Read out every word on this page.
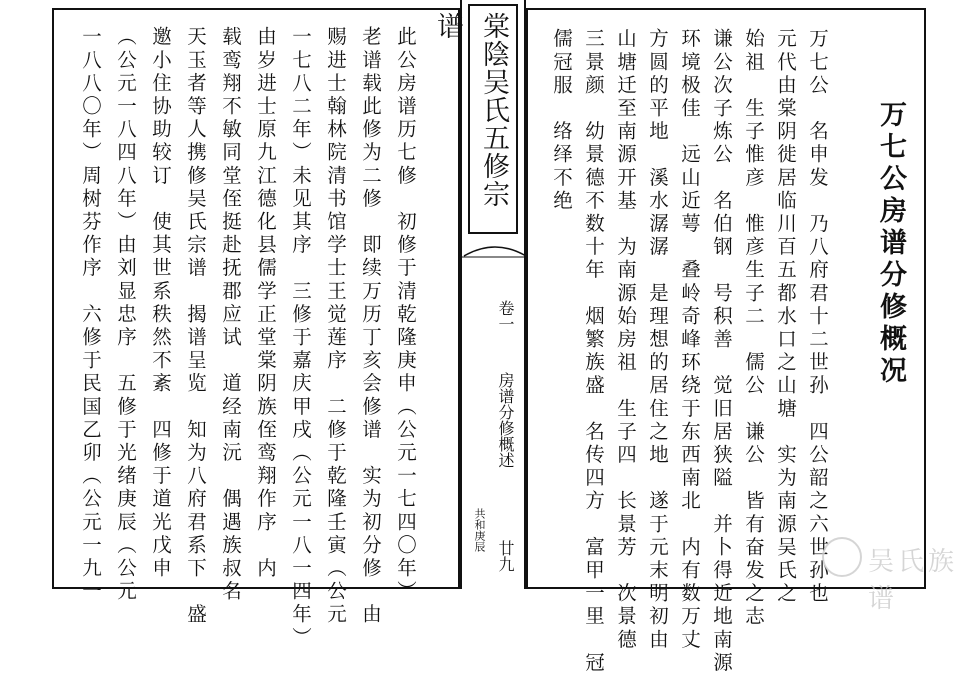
此公房谱历七修　初修于清乾隆庚申（公元一七四〇年）
老谱载此修为二修　即续万历丁亥会修谱　实为初分修　由
赐进士翰林院清书馆学士王觉莲序　二修于乾隆壬寅（公元
一七八二年）未见其序　三修于嘉庆甲戌（公元一八一四年）
由岁进士原九江德化县儒学正堂棠阴族侄鸾翔作序　内
载鸾翔不敏同堂侄挺赴抚郡应试　道经南沅　偶遇族叔名
天玉者等人携修吴氏宗谱　揭谱呈览　知为八府君系下　盛
邀小住协助较订　使其世系秩然不紊　四修于道光戊申
（公元一八四八年）由刘显忠序　五修于光绪庚辰（公元
一八八〇年）周树芬作序　六修于民国乙卯（公元一九一	棠陰吴氏五修宗谱
卷一
房谱分修概述
共和庚辰
廿九
万七公房谱分修概况
万七公　名申发　乃八府君十二世孙　四公韶之六世孙也
元代由棠阴徙居临川百五都水口之山塘　实为南源吴氏之
始祖　生子惟彦　惟彦生子二　儒公　谦公　皆有奋发之志
谦公次子炼公　名伯钢　号积善　觉旧居狭隘　并卜得近地南源
环境极佳　远山近萼　叠岭奇峰环绕于东西南北　内有数万丈
方圆的平地　溪水潺潺　是理想的居住之地　遂于元末明初由
山塘迁至南源开基　为南源始房祖　生子四　长景芳　次景德
三景颜　幼景德不数十年　烟繁族盛　名传四方　富甲一里　冠
儒冠服　络绎不绝
吴氏族谱
